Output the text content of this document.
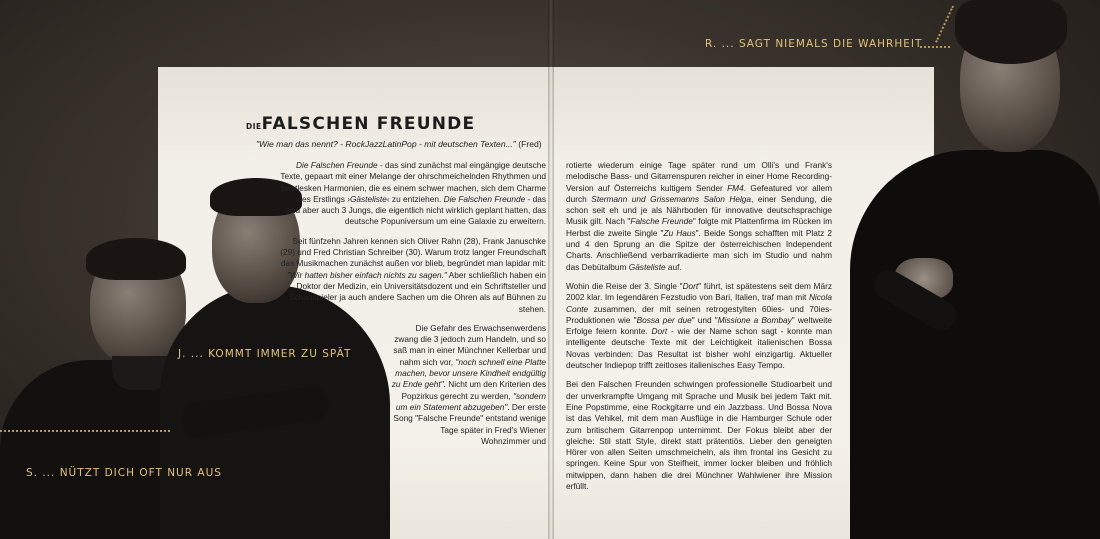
R. ... SAGT NIEMALS DIE WAHRHEIT
J. ... KOMMT IMMER ZU SPÄT
S. ... NÜTZT DICH OFT NUR AUS
DIEFALSCHEN FREUNDE
"Wie man das nennt? - RockJazzLatinPop - mit deutschen Texten..." (Fred)

Die Falschen Freunde - das sind zunächst mal eingängige deutsche Texte, gepaart mit einer Melange der ohrschmeichelnden Rhythmen und beatlesken Harmonien, die es einem schwer machen, sich dem Charme des Erstlings ›Gästeliste‹ zu entziehen. Die Falschen Freunde - das sind aber auch 3 Jungs, die eigentlich nicht wirklich geplant hatten, das deutsche Popuniversum um eine Galaxie zu erweitern.

Seit fünfzehn Jahren kennen sich Oliver Rahn (28), Frank Januschke (29) und Fred Christian Schreiber (30). Warum trotz langer Freundschaft das Musikmachen zunächst außen vor blieb, begründet man lapidar mit: "Wir hatten bisher einfach nichts zu sagen." Aber schließlich haben ein Doktor der Medizin, ein Universitätsdozent und ein Schriftsteller und Schauspieler ja auch andere Sachen um die Ohren als auf Bühnen zu stehen.

Die Gefahr des Erwachsenwerdens zwang die 3 jedoch zum Handeln, und so saß man in einer Münchner Kellerbar und nahm sich vor, "noch schnell eine Platte machen, bevor unsere Kindheit endgültig zu Ende geht". Nicht um den Kriterien des Popzirkus gerecht zu werden, "sondern um ein Statement abzugeben". Der erste Song "Falsche Freunde" entstand wenige Tage später in Fred's Wiener Wohnzimmer und

rotierte wiederum einige Tage später rund um Olli's und Frank's melodische Bass- und Gitarrenspuren reicher in einer Home Recording-Version auf Österreichs kultigem Sender FM4. Gefeatured vor allem durch Stermann und Grissemanns Salon Helga, einer Sendung, die schon seit eh und je als Nährboden für innovative deutschsprachige Musik gilt. Nach "Falsche Freunde" folgte mit Plattenfirma im Rücken im Herbst die zweite Single "Zu Haus". Beide Songs schafften mit Platz 2 und 4 den Sprung an die Spitze der österreichischen Independent Charts. Anschließend verbarrikadierte man sich im Studio und nahm das Debütalbum Gästeliste auf.

Wohin die Reise der 3. Single "Dort" führt, ist spätestens seit dem März 2002 klar. Im legendären Fezstudio von Bari, Italien, traf man mit Nicola Conte zusammen, der mit seinen retrogestylten 60ies- und 70ies-Produktionen wie "Bossa per due" und "Missione a Bombay" weltweite Erfolge feiern konnte. Dort - wie der Name schon sagt - konnte man intelligente deutsche Texte mit der Leichtigkeit italienischen Bossa Novas verbinden: Das Resultat ist bisher wohl einzigartig. Aktueller deutscher Indiepop trifft zeitloses italienisches Easy Tempo.

Bei den Falschen Freunden schwingen professionelle Studioarbeit und der unverkrampfte Umgang mit Sprache und Musik bei jedem Takt mit. Eine Popstimme, eine Rockgitarre und ein Jazzbass. Und Bossa Nova ist das Vehikel, mit dem man Ausflüge in die Hamburger Schule oder zum britischem Gitarrenpop unternimmt. Der Fokus bleibt aber der gleiche: Stil statt Style, direkt statt prätentiös. Lieber den geneigten Hörer von allen Seiten umschmeicheln, als ihm frontal ins Gesicht zu springen. Keine Spur von Steifheit, immer locker bleiben und fröhlich mitwippen, dann haben die drei Münchner Wahlwiener ihre Mission erfüllt.
